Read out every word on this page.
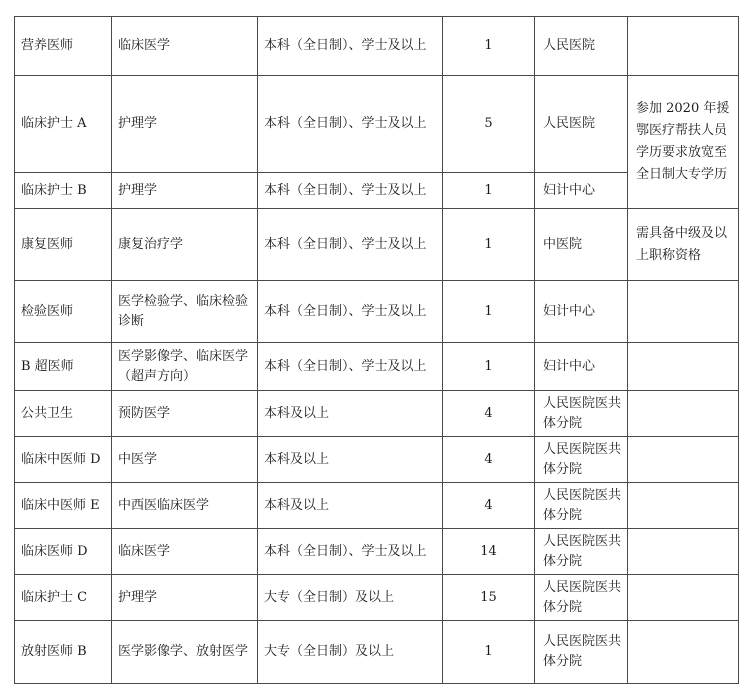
营养医师	临床医学	本科（全日制）、学士及以上	1	人民医院	
临床护士 A	护理学	本科（全日制）、学士及以上	5	人民医院	参加 2020 年援鄂医疗帮扶人员学历要求放宽至全日制大专学历
临床护士 B	护理学	本科（全日制）、学士及以上	1	妇计中心	
康复医师	康复治疗学	本科（全日制）、学士及以上	1	中医院	需具备中级及以上职称资格
检验医师	医学检验学、临床检验诊断	本科（全日制）、学士及以上	1	妇计中心	
B 超医师	医学影像学、临床医学（超声方向）	本科（全日制）、学士及以上	1	妇计中心	
公共卫生	预防医学	本科及以上	4	人民医院医共体分院	
临床中医师 D	中医学	本科及以上	4	人民医院医共体分院	
临床中医师 E	中西医临床医学	本科及以上	4	人民医院医共体分院	
临床医师 D	临床医学	本科（全日制）、学士及以上	14	人民医院医共体分院	
临床护士 C	护理学	大专（全日制）及以上	15	人民医院医共体分院	
放射医师 B	医学影像学、放射医学	大专（全日制）及以上	1	人民医院医共体分院	
